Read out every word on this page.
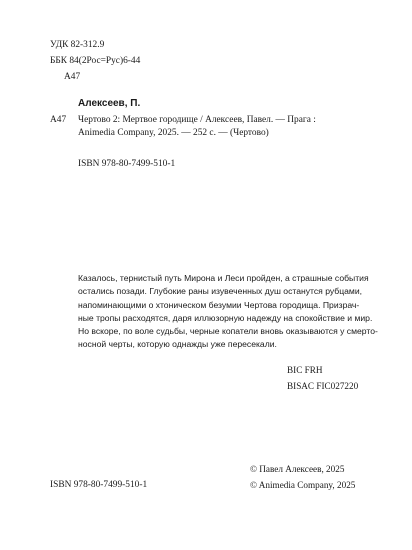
УДК 82-312.9
ББК 84(2Рос=Рус)6-44
А47
Алексеев, П.
А47 Чертово 2: Мертвое городище / Алексеев, Павел. — Прага :
Animedia Company, 2025. — 252 с. — (Чертово)
ISBN 978-80-7499-510-1
Казалось, тернистый путь Мирона и Леси пройден, а страшные события
остались позади. Глубокие раны изувеченных душ останутся рубцами,
напоминающими о хтоническом безумии Чертова городища. Призрач-
ные тропы расходятся, даря иллюзорную надежду на спокойствие и мир.
Но вскоре, по воле судьбы, черные копатели вновь оказываются у смерто-
носной черты, которую однажды уже пересекали.
BIC FRH
BISAC FIC027220
© Павел Алексеев, 2025
ISBN 978-80-7499-510-1	© Animedia Company, 2025
